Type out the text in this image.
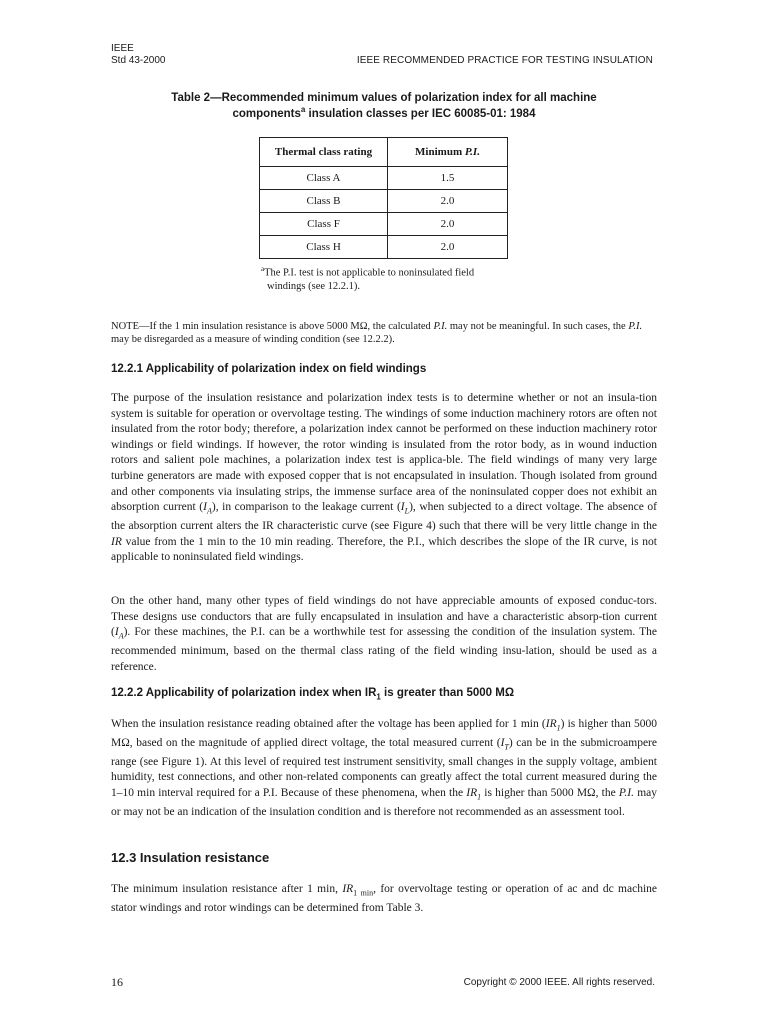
IEEE
Std 43-2000	IEEE RECOMMENDED PRACTICE FOR TESTING INSULATION
Table 2—Recommended minimum values of polarization index for all machine
components$^a$ insulation classes per IEC 60085-01: 1984
Thermal class rating	Minimum P.I.
Class A	1.5
Class B	2.0
Class F	2.0
Class H	2.0
$^a$The P.I. test is not applicable to noninsulated field
windings (see 12.2.1).
NOTE—If the 1 min insulation resistance is above 5000 MΩ, the calculated P.I. may not be meaningful. In such cases, the P.I. may be disregarded as a measure of winding condition (see 12.2.2).
12.2.1 Applicability of polarization index on field windings
The purpose of the insulation resistance and polarization index tests is to determine whether or not an insula-tion system is suitable for operation or overvoltage testing. The windings of some induction machinery rotors are often not insulated from the rotor body; therefore, a polarization index cannot be performed on these induction machinery rotor windings or field windings. If however, the rotor winding is insulated from the rotor body, as in wound induction rotors and salient pole machines, a polarization index test is applica-ble. The field windings of many very large turbine generators are made with exposed copper that is not encapsulated in insulation. Though isolated from ground and other components via insulating strips, the immense surface area of the noninsulated copper does not exhibit an absorption current $(I_A)$, in comparison to the leakage current $(I_L)$, when subjected to a direct voltage. The absence of the absorption current alters the IR characteristic curve (see Figure 4) such that there will be very little change in the IR value from the 1 min to the 10 min reading. Therefore, the P.I., which describes the slope of the IR curve, is not applicable to noninsulated field windings.
On the other hand, many other types of field windings do not have appreciable amounts of exposed conduc-tors. These designs use conductors that are fully encapsulated in insulation and have a characteristic absorp-tion current $(I_A)$. For these machines, the P.I. can be a worthwhile test for assessing the condition of the insulation system. The recommended minimum, based on the thermal class rating of the field winding insu-lation, should be used as a reference.
12.2.2 Applicability of polarization index when $IR_1$ is greater than 5000 MΩ
When the insulation resistance reading obtained after the voltage has been applied for 1 $\min (IR_1)$ is higher than 5000 MΩ, based on the magnitude of applied direct voltage, the total measured current $(I_T)$ can be in the submicroampere range (see Figure 1). At this level of required test instrument sensitivity, small changes in the supply voltage, ambient humidity, test connections, and other non-related components can greatly affect the total current measured during the 1–10 min interval required for a P.I. Because of these phenomena, when the $IR_1$ is higher than 5000 MΩ, the P.I. may or may not be an indication of the insulation condition and is therefore not recommended as an assessment tool.
12.3 Insulation resistance
The minimum insulation resistance after 1 min, $IR_{1 min}$, for overvoltage testing or operation of ac and dc machine stator windings and rotor windings can be determined from Table 3.
16	Copyright © 2000 IEEE. All rights reserved.
